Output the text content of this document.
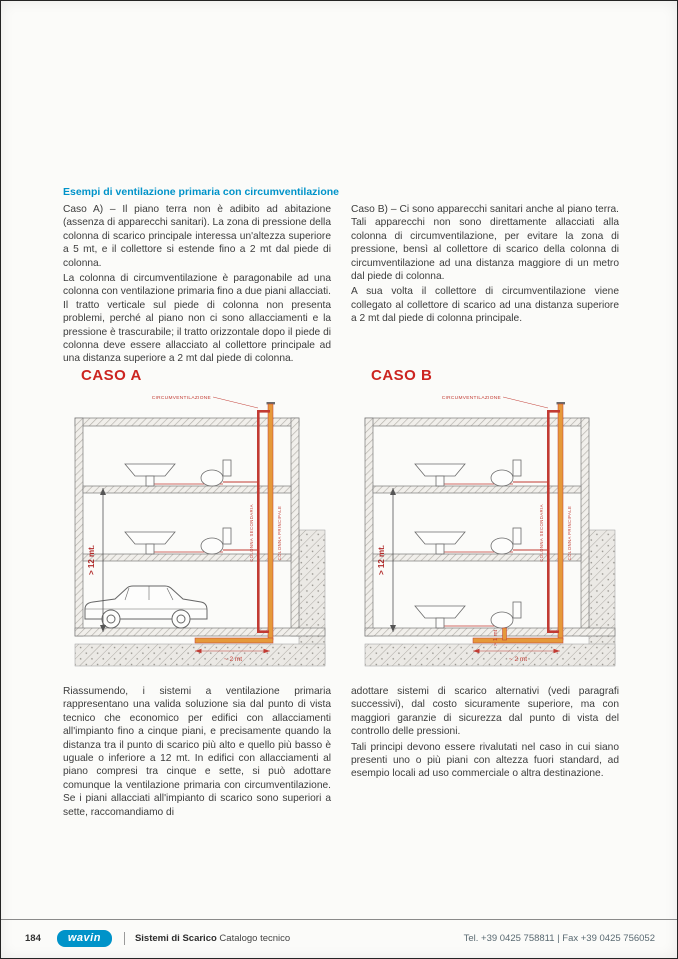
Esempi di ventilazione primaria con circumventilazione

Caso A) – Il piano terra non è adibito ad abitazione (assenza di apparecchi sanitari). La zona di pressione della colonna di scarico principale interessa un'altezza superiore a 5 mt, e il collettore si estende fino a 2 mt dal piede di colonna.

La colonna di circumventilazione è paragonabile ad una colonna con ventilazione primaria fino a due piani allacciati. Il tratto verticale sul piede di colonna non presenta problemi, perché al piano non ci sono allacciamenti e la pressione è trascurabile; il tratto orizzontale dopo il piede di colonna deve essere allacciato al collettore principale ad una distanza superiore a 2 mt dal piede di colonna.

Caso B) – Ci sono apparecchi sanitari anche al piano terra. Tali apparecchi non sono direttamente allacciati alla colonna di circumventilazione, per evitare la zona di pressione, bensì al collettore di scarico della colonna di circumventilazione ad una distanza maggiore di un metro dal piede di colonna.

A sua volta il collettore di circumventilazione viene collegato al collettore di scarico ad una distanza superiore a 2 mt dal piede di colonna principale.

CASO A
CIRCUMVENTILAZIONE
COLONNA SECONDARIA	COLONNA PRINCIPALE
> 12 mt.
~ 2 mt
CASO B
CIRCUMVENTILAZIONE
COLONNA SECONDARIA	COLONNA PRINCIPALE
> 12 mt.
> 1 mt
~ 2 mt

Riassumendo, i sistemi a ventilazione primaria rappresentano una valida soluzione sia dal punto di vista tecnico che economico per edifici con allacciamenti all'impianto fino a cinque piani, e precisamente quando la distanza tra il punto di scarico più alto e quello più basso è uguale o inferiore a 12 mt. In edifici con allacciamenti al piano compresi tra cinque e sette, si può adottare comunque la ventilazione primaria con circumventilazione. Se i piani allacciati all'impianto di scarico sono superiori a sette, raccomandiamo di

adottare sistemi di scarico alternativi (vedi paragrafi successivi), dal costo sicuramente superiore, ma con maggiori garanzie di sicurezza dal punto di vista del controllo delle pressioni.

Tali principi devono essere rivalutati nel caso in cui siano presenti uno o più piani con altezza fuori standard, ad esempio locali ad uso commerciale o altra destinazione.

184	wavin	Sistemi di Scarico Catalogo tecnico	Tel. +39 0425 758811 | Fax +39 0425 756052
